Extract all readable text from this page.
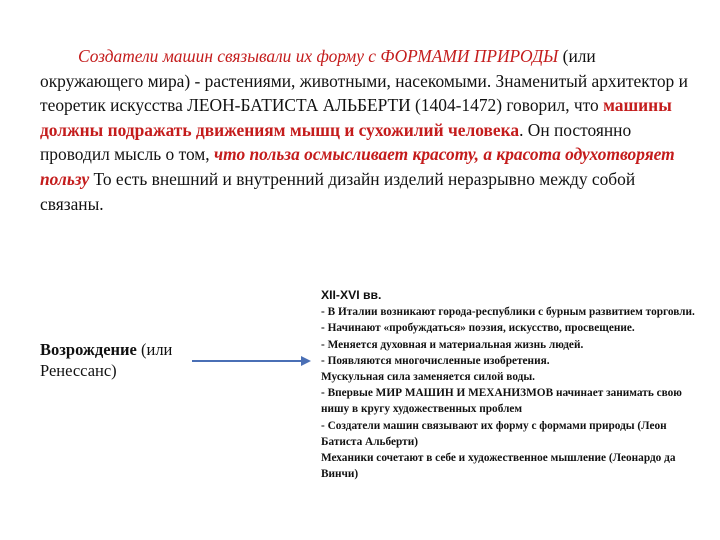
Создатели машин связывали их форму с ФОРМАМИ ПРИРОДЫ (или окружающего мира) - растениями, животными, насекомыми. Знаменитый архитектор и теоретик искусства ЛЕОН-БАТИСТА АЛЬБЕРТИ (1404-1472) говорил, что машины должны подражать движениям мышц и сухожилий человека. Он постоянно проводил мысль о том, что польза осмысливает красоту, а красота одухотворяет пользу То есть внешний и внутренний дизайн изделий неразрывно между собой связаны.

Возрождение (или Ренессанс)

XII-XVI вв.
- В Италии возникают города-республики с бурным развитием торговли.
- Начинают «пробуждаться» поэзия, искусство, просвещение.
- Меняется духовная и материальная жизнь людей.
- Появляются многочисленные изобретения.
Мускульная сила заменяется силой воды.
- Впервые МИР МАШИН И МЕХАНИЗМОВ начинает занимать свою нишу в кругу художественных проблем
- Создатели машин связывают их форму с формами природы (Леон Батиста Альберти)
Механики сочетают в себе и художественное мышление (Леонардо да Винчи)
